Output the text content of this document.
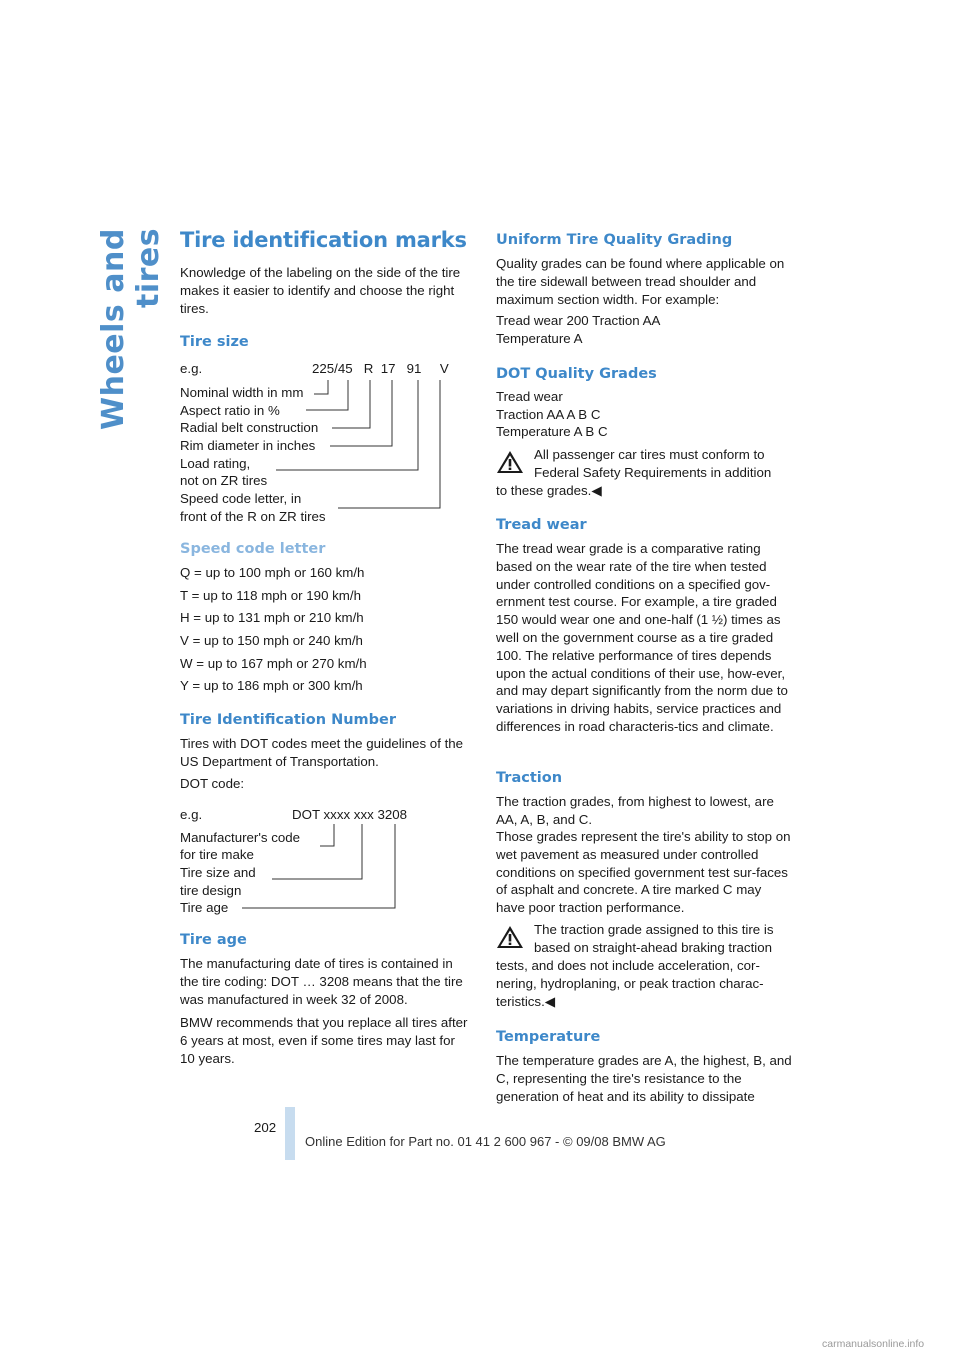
Wheels and tires Tire identification marks
Knowledge of the labeling on the side of the tire makes it easier to identify and choose the right tires.
Tire size
e.g.	225/45   R  17   91     V
Nominal width in mm
Aspect ratio in %
Radial belt construction
Rim diameter in inches
Load rating,
not on ZR tires
Speed code letter, in
front of the R on ZR tires
Speed code letter
Q = up to 100 mph or 160 km/h
T = up to 118 mph or 190 km/h
H = up to 131 mph or 210 km/h
V = up to 150 mph or 240 km/h
W = up to 167 mph or 270 km/h
Y = up to 186 mph or 300 km/h
Tire Identification Number
Tires with DOT codes meet the guidelines of the US Department of Transportation.
DOT code:
e.g.	DOT xxxx xxx 3208
Manufacturer's code
for tire make
Tire size and
tire design
Tire age
Tire age
The manufacturing date of tires is contained in the tire coding: DOT … 3208 means that the tire was manufactured in week 32 of 2008.
BMW recommends that you replace all tires after 6 years at most, even if some tires may last for 10 years.
Uniform Tire Quality Grading
Quality grades can be found where applicable on the tire sidewall between tread shoulder and maximum section width. For example:
Tread wear 200 Traction AA
Temperature A
DOT Quality Grades
Tread wear
Traction AA A B C
Temperature A B C
All passenger car tires must conform to Federal Safety Requirements in addition
to these grades.◀
Tread wear
The tread wear grade is a comparative rating based on the wear rate of the tire when tested under controlled conditions on a specified gov-ernment test course. For example, a tire graded 150 would wear one and one-half (1 ½) times as well on the government course as a tire graded 100. The relative performance of tires depends upon the actual conditions of their use, how-ever, and may depart significantly from the norm due to variations in driving habits, service practices and differences in road characteris-tics and climate.
Traction
The traction grades, from highest to lowest, are AA, A, B, and C.
Those grades represent the tire's ability to stop on wet pavement as measured under controlled conditions on specified government test sur-faces of asphalt and concrete. A tire marked C may have poor traction performance.
The traction grade assigned to this tire is based on straight-ahead braking traction
tests, and does not include acceleration, cor-nering, hydroplaning, or peak traction charac-teristics.◀
Temperature
The temperature grades are A, the highest, B, and C, representing the tire's resistance to the generation of heat and its ability to dissipate
202
Online Edition for Part no. 01 41 2 600 967 - © 09/08 BMW AG
carmanualsonline.info
